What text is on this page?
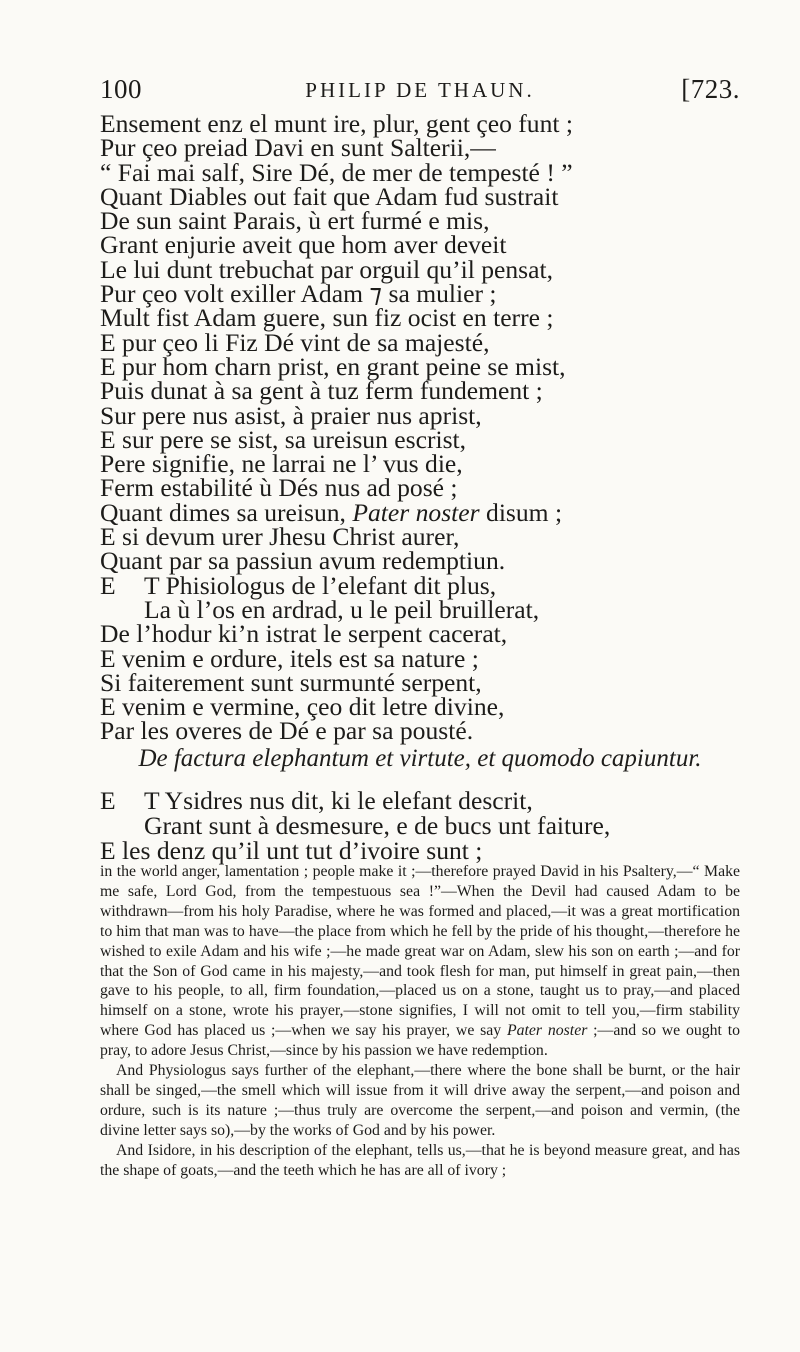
100	PHILIP DE THAUN.	[723.
Ensement enz el munt ire, plur, gent çeo funt ;
Pur çeo preiad Davi en sunt Salterii,—
“ Fai mai salf, Sire Dé, de mer de tempesté ! ”
Quant Diables out fait que Adam fud sustrait
De sun saint Parais, ù ert furmé e mis,
Grant enjurie aveit que hom aver deveit
Le lui dunt trebuchat par orguil qu’il pensat,
Pur çeo volt exiller Adam ⁊ sa mulier ;
Mult fist Adam guere, sun fiz ocist en terre ;
E pur çeo li Fiz Dé vint de sa majesté,
E pur hom charn prist, en grant peine se mist,
Puis dunat à sa gent à tuz ferm fundement ;
Sur pere nus asist, à praier nus aprist,
E sur pere se sist, sa ureisun escrist,
Pere signifie, ne larrai ne l’ vus die,
Ferm estabilité ù Dés nus ad posé ;
Quant dimes sa ureisun, Pater noster disum ;
E si devum urer Jhesu Christ aurer,
Quant par sa passiun avum redemptiun.
E T Phisiologus de l’elefant dit plus,
La ù l’os en ardrad, u le peil bruillerat,
De l’hodur ki’n istrat le serpent cacerat,
E venim e ordure, itels est sa nature ;
Si faiterement sunt surmunté serpent,
E venim e vermine, çeo dit letre divine,
Par les overes de Dé e par sa pousté.
De factura elephantum et virtute, et quomodo capiuntur.
E T Ysidres nus dit, ki le elefant descrit,
Grant sunt à desmesure, e de bucs unt faiture,
E les denz qu’il unt tut d’ivoire sunt ;

in the world anger, lamentation ; people make it ;—therefore prayed David in his Psaltery,—“ Make me safe, Lord God, from the tempestuous sea !”—When the Devil had caused Adam to be withdrawn—from his holy Paradise, where he was formed and placed,—it was a great mortification to him that man was to have—the place from which he fell by the pride of his thought,—therefore he wished to exile Adam and his wife ;—he made great war on Adam, slew his son on earth ;—and for that the Son of God came in his majesty,—and took flesh for man, put himself in great pain,—then gave to his people, to all, firm foundation,—placed us on a stone, taught us to pray,—and placed himself on a stone, wrote his prayer,—stone signifies, I will not omit to tell you,—firm stability where God has placed us ;—when we say his prayer, we say Pater noster ;—and so we ought to pray, to adore Jesus Christ,—since by his passion we have redemption.

And Physiologus says further of the elephant,—there where the bone shall be burnt, or the hair shall be singed,—the smell which will issue from it will drive away the serpent,—and poison and ordure, such is its nature ;—thus truly are overcome the serpent,—and poison and vermin, (the divine letter says so),—by the works of God and by his power.

And Isidore, in his description of the elephant, tells us,—that he is beyond measure great, and has the shape of goats,—and the teeth which he has are all of ivory ;
